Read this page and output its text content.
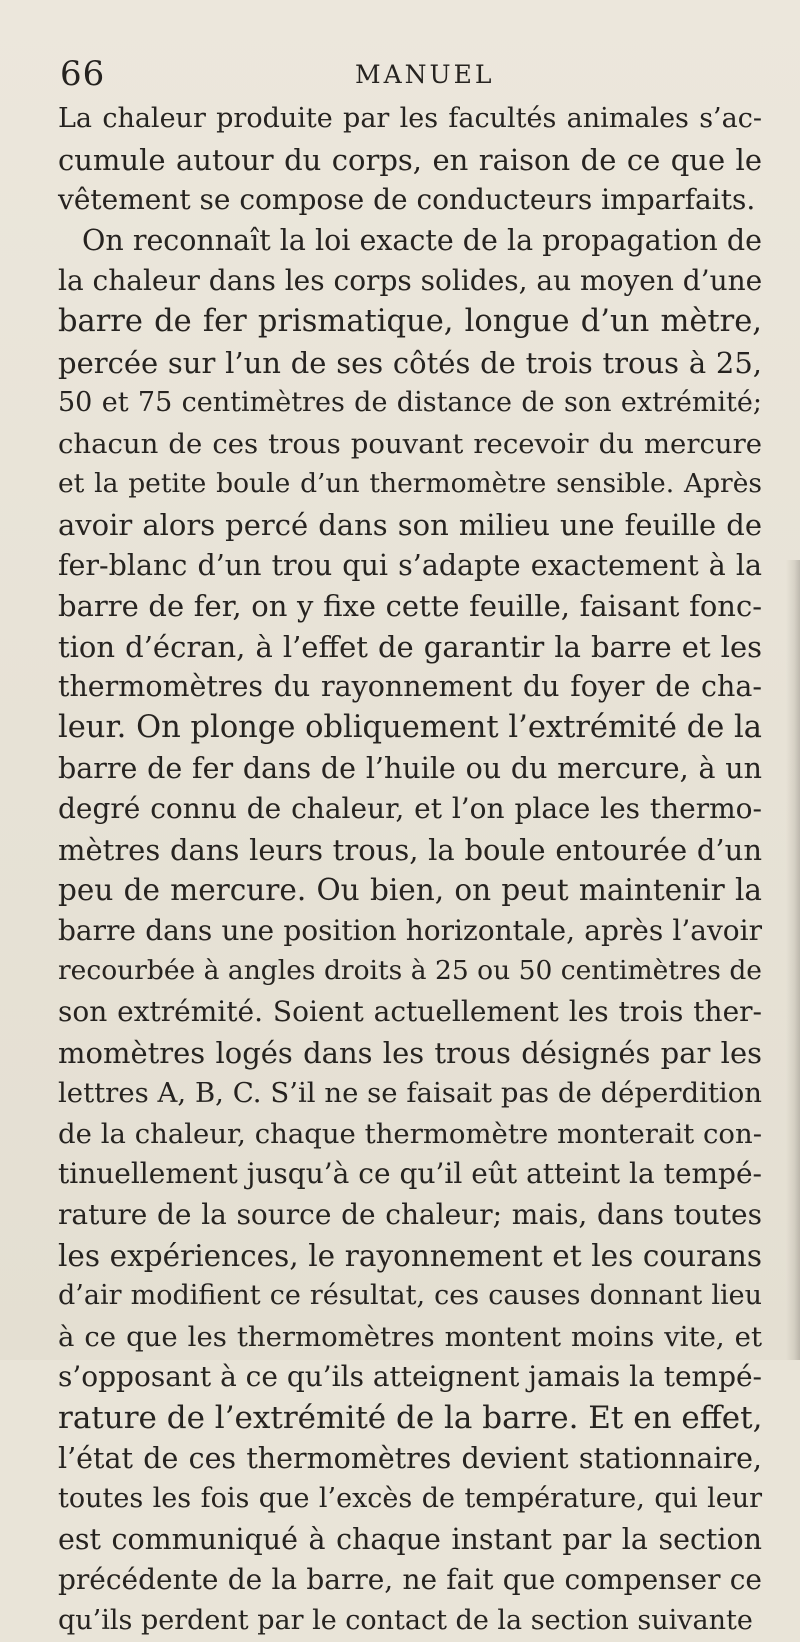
66	MANUEL
La chaleur produite par les facultés animales s’ac-
cumule autour du corps, en raison de ce que le
vêtement se compose de conducteurs imparfaits.
On reconnaît la loi exacte de la propagation de
la chaleur dans les corps solides, au moyen d’une
barre de fer prismatique, longue d’un mètre,
percée sur l’un de ses côtés de trois trous à 25,
50 et 75 centimètres de distance de son extrémité;
chacun de ces trous pouvant recevoir du mercure
et la petite boule d’un thermomètre sensible. Après
avoir alors percé dans son milieu une feuille de
fer-blanc d’un trou qui s’adapte exactement à la
barre de fer, on y fixe cette feuille, faisant fonc-
tion d’écran, à l’effet de garantir la barre et les
thermomètres du rayonnement du foyer de cha-
leur. On plonge obliquement l’extrémité de la
barre de fer dans de l’huile ou du mercure, à un
degré connu de chaleur, et l’on place les thermo-
mètres dans leurs trous, la boule entourée d’un
peu de mercure. Ou bien, on peut maintenir la
barre dans une position horizontale, après l’avoir
recourbée à angles droits à 25 ou 50 centimètres de
son extrémité. Soient actuellement les trois ther-
momètres logés dans les trous désignés par les
lettres A, B, C. S’il ne se faisait pas de déperdition
de la chaleur, chaque thermomètre monterait con-
tinuellement jusqu’à ce qu’il eût atteint la tempé-
rature de la source de chaleur; mais, dans toutes
les expériences, le rayonnement et les courans
d’air modifient ce résultat, ces causes donnant lieu
à ce que les thermomètres montent moins vite, et
s’opposant à ce qu’ils atteignent jamais la tempé-
rature de l’extrémité de la barre. Et en effet,
l’état de ces thermomètres devient stationnaire,
toutes les fois que l’excès de température, qui leur
est communiqué à chaque instant par la section
précédente de la barre, ne fait que compenser ce
qu’ils perdent par le contact de la section suivante
